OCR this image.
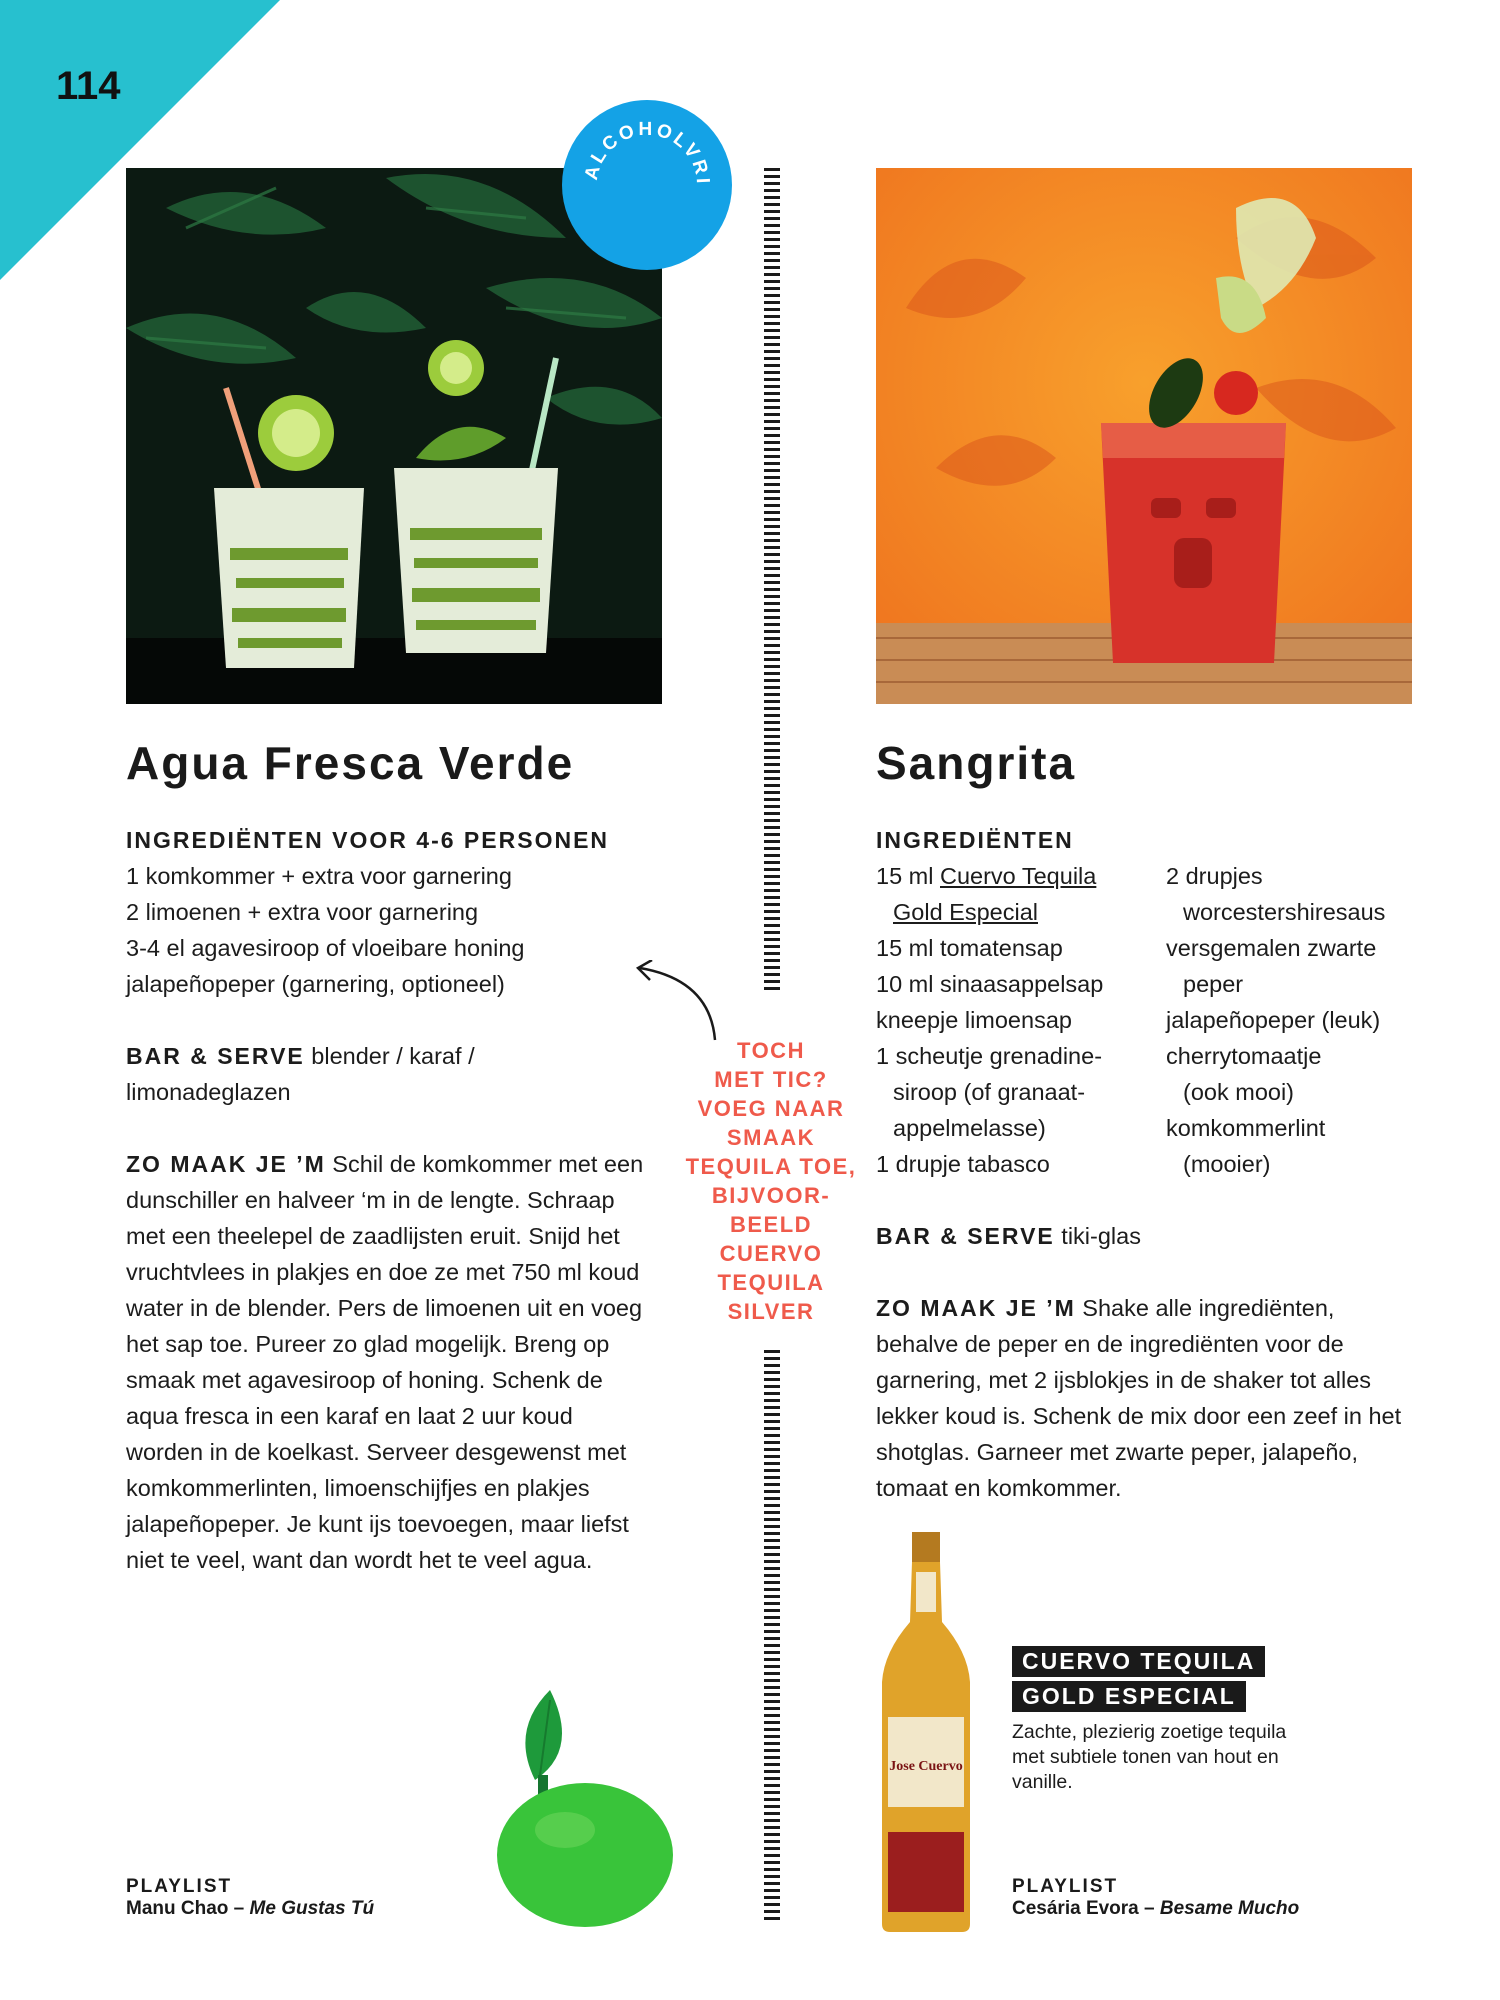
114
ALCOHOLVRI
TOCH
MET TIC?
VOEG NAAR
SMAAK
TEQUILA TOE,
BIJVOOR-
BEELD
CUERVO
TEQUILA
SILVER
Agua Fresca Verde
INGREDIËNTEN VOOR 4-6 PERSONEN
1 komkommer + extra voor garnering
2 limoenen + extra voor garnering
3-4 el agavesiroop of vloeibare honing
jalapeñopeper (garnering, optioneel)
BAR & SERVE blender / karaf / limonadeglazen
ZO MAAK JE ’M Schil de komkommer met een dunschiller en halveer ‘m in de lengte. Schraap met een theelepel de zaadlijsten eruit. Snijd het vruchtvlees in plakjes en doe ze met 750 ml koud water in de blender. Pers de limoenen uit en voeg het sap toe. Pureer zo glad mogelijk. Breng op smaak met agavesiroop of honing. Schenk de aqua fresca in een karaf en laat 2 uur koud worden in de koelkast. Serveer desgewenst met komkommerlinten, limoenschijfjes en plakjes jalapeñopeper. Je kunt ijs toevoegen, maar liefst niet te veel, want dan wordt het te veel agua.
PLAYLIST
Manu Chao – Me Gustas Tú
Sangrita
INGREDIËNTEN
15 ml Cuervo Tequila
Gold Especial
15 ml tomatensap
10 ml sinaasappelsap
kneepje limoensap
1 scheutje grenadine-
siroop (of granaat-
appelmelasse)
1 drupje tabasco
2 drupjes
worcestershiresaus
versgemalen zwarte
peper
jalapeñopeper (leuk)
cherrytomaatje
(ook mooi)
komkommerlint
(mooier)
BAR & SERVE tiki-glas
ZO MAAK JE ’M Shake alle ingrediënten, behalve de peper en de ingrediënten voor de garnering, met 2 ijsblokjes in de shaker tot alles lekker koud is. Schenk de mix door een zeef in het shotglas. Garneer met zwarte peper, jalapeño, tomaat en komkommer.
Jose Cuervo
CUERVO TEQUILA
GOLD ESPECIAL
Zachte, plezierig zoetige tequila met subtiele tonen van hout en vanille.
PLAYLIST
Cesária Evora – Besame Mucho
